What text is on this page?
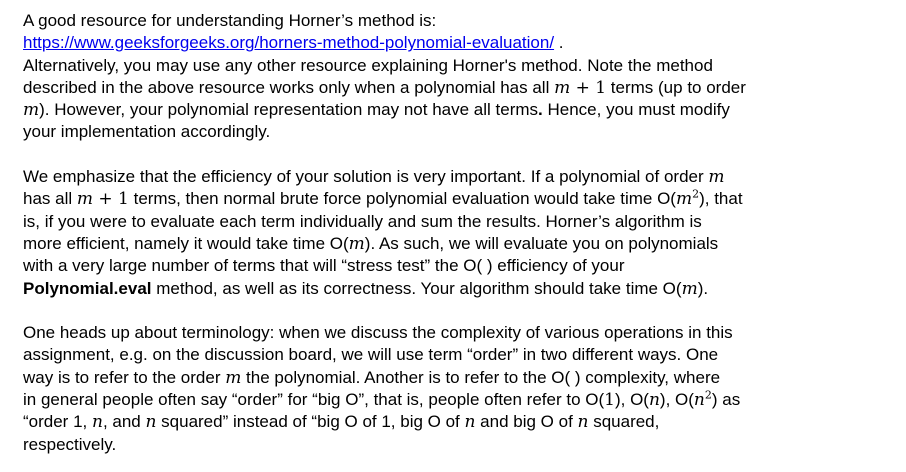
A good resource for understanding Horner’s method is:
https://www.geeksforgeeks.org/horners-method-polynomial-evaluation/ .
Alternatively, you may use any other resource explaining Horner's method. Note the method
described in the above resource works only when a polynomial has all m + 1 terms (up to order
m). However, your polynomial representation may not have all terms. Hence, you must modify
your implementation accordingly.
We emphasize that the efficiency of your solution is very important. If a polynomial of order m
has all m + 1 terms, then normal brute force polynomial evaluation would take time $O(m^2)$, that
is, if you were to evaluate each term individually and sum the results. Horner’s algorithm is
more efficient, namely it would take time O(m). As such, we will evaluate you on polynomials
with a very large number of terms that will “stress test” the O( ) efficiency of your
Polynomial.eval method, as well as its correctness. Your algorithm should take time O(m).
One heads up about terminology: when we discuss the complexity of various operations in this
assignment, e.g. on the discussion board, we will use term “order” in two different ways. One
way is to refer to the order m the polynomial. Another is to refer to the O( ) complexity, where
in general people often say “order” for “big O”, that is, people often refer to O(1), O(n), $O(n^2)$ as
“order 1, n, and n squared” instead of “big O of 1, big O of n and big O of n squared,
respectively.
